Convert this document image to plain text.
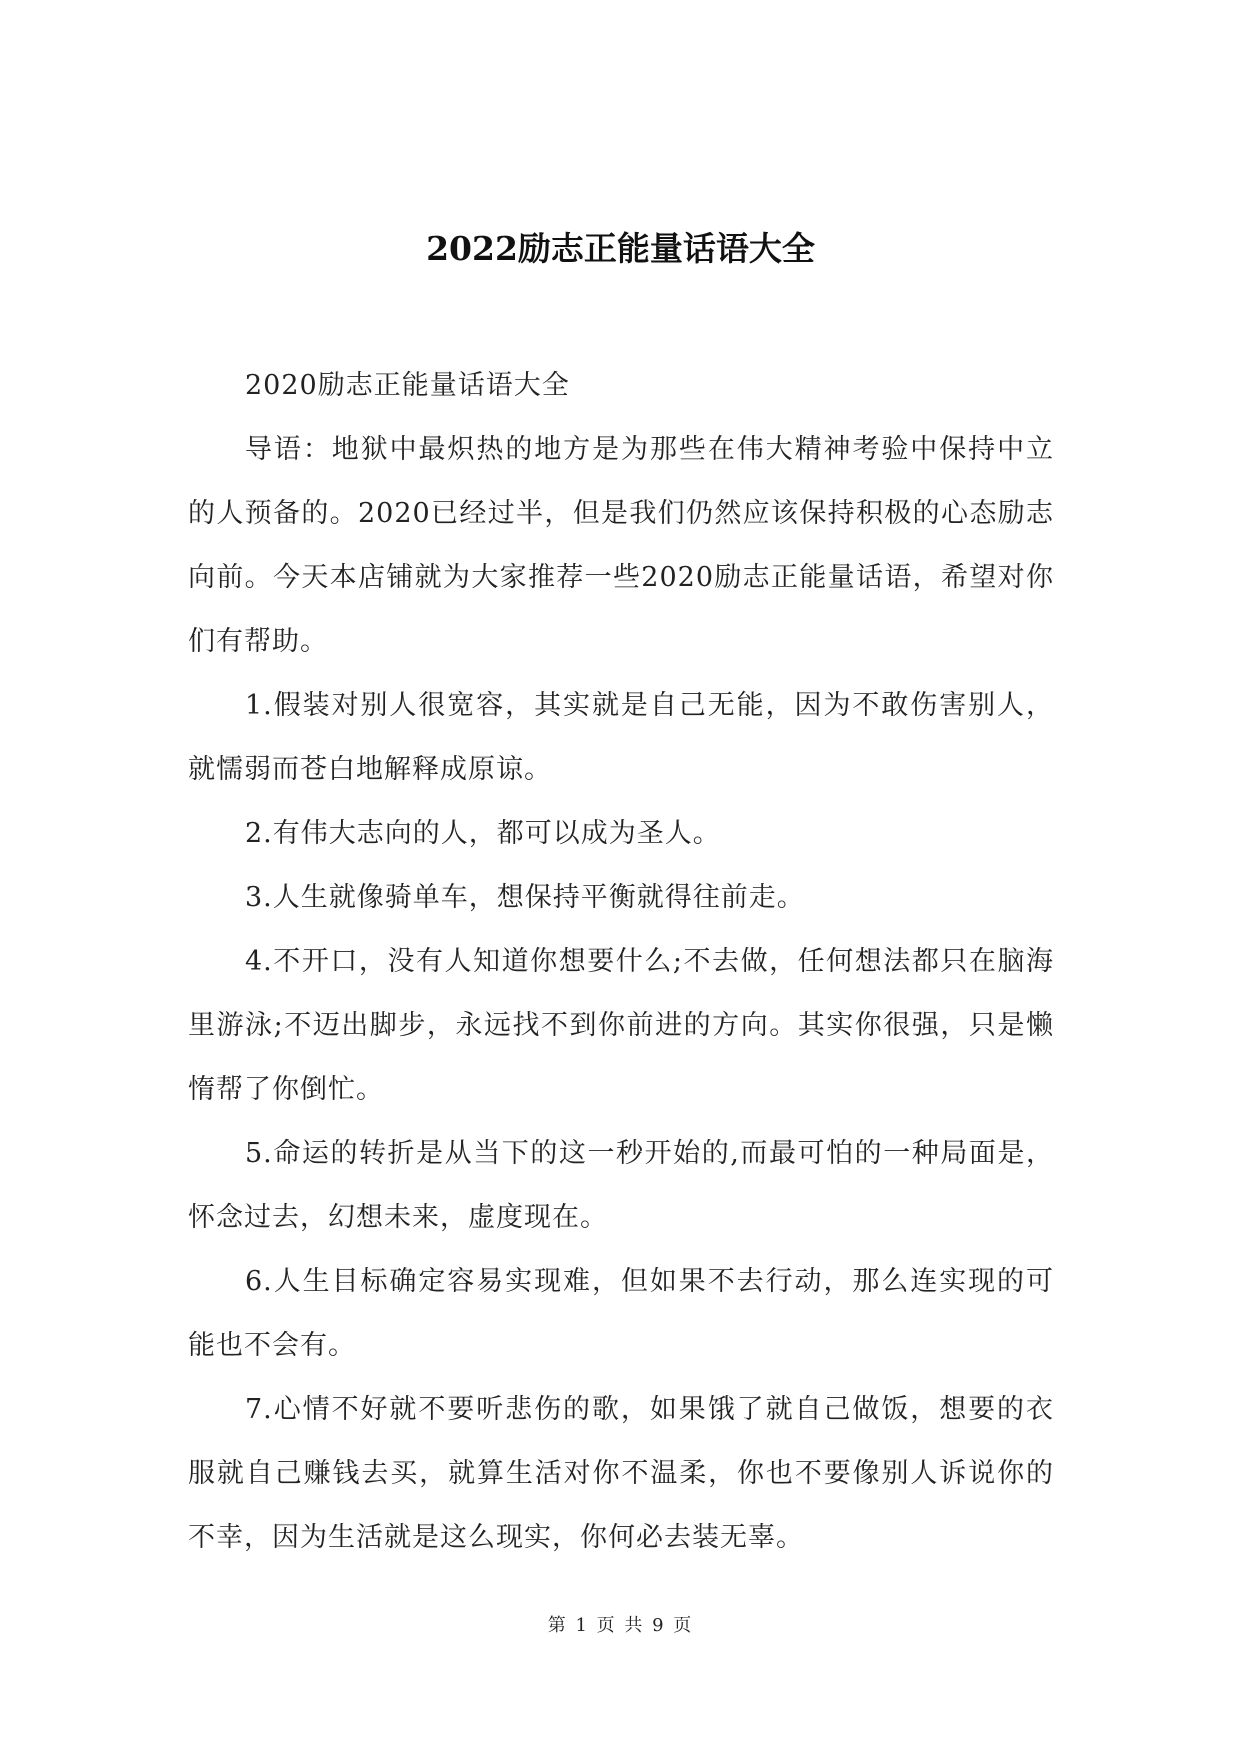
2022励志正能量话语大全

2020励志正能量话语大全

导语：地狱中最炽热的地方是为那些在伟大精神考验中保持中立的人预备的。2020已经过半，但是我们仍然应该保持积极的心态励志向前。今天本店铺就为大家推荐一些2020励志正能量话语，希望对你们有帮助。

1.假装对别人很宽容，其实就是自己无能，因为不敢伤害别人，就懦弱而苍白地解释成原谅。

2.有伟大志向的人，都可以成为圣人。

3.人生就像骑单车，想保持平衡就得往前走。

4.不开口，没有人知道你想要什么;不去做，任何想法都只在脑海里游泳;不迈出脚步，永远找不到你前进的方向。其实你很强，只是懒惰帮了你倒忙。

5.命运的转折是从当下的这一秒开始的,而最可怕的一种局面是，怀念过去，幻想未来，虚度现在。

6.人生目标确定容易实现难，但如果不去行动，那么连实现的可能也不会有。

7.心情不好就不要听悲伤的歌，如果饿了就自己做饭，想要的衣服就自己赚钱去买，就算生活对你不温柔，你也不要像别人诉说你的不幸，因为生活就是这么现实，你何必去装无辜。

第 1 页 共 9 页
